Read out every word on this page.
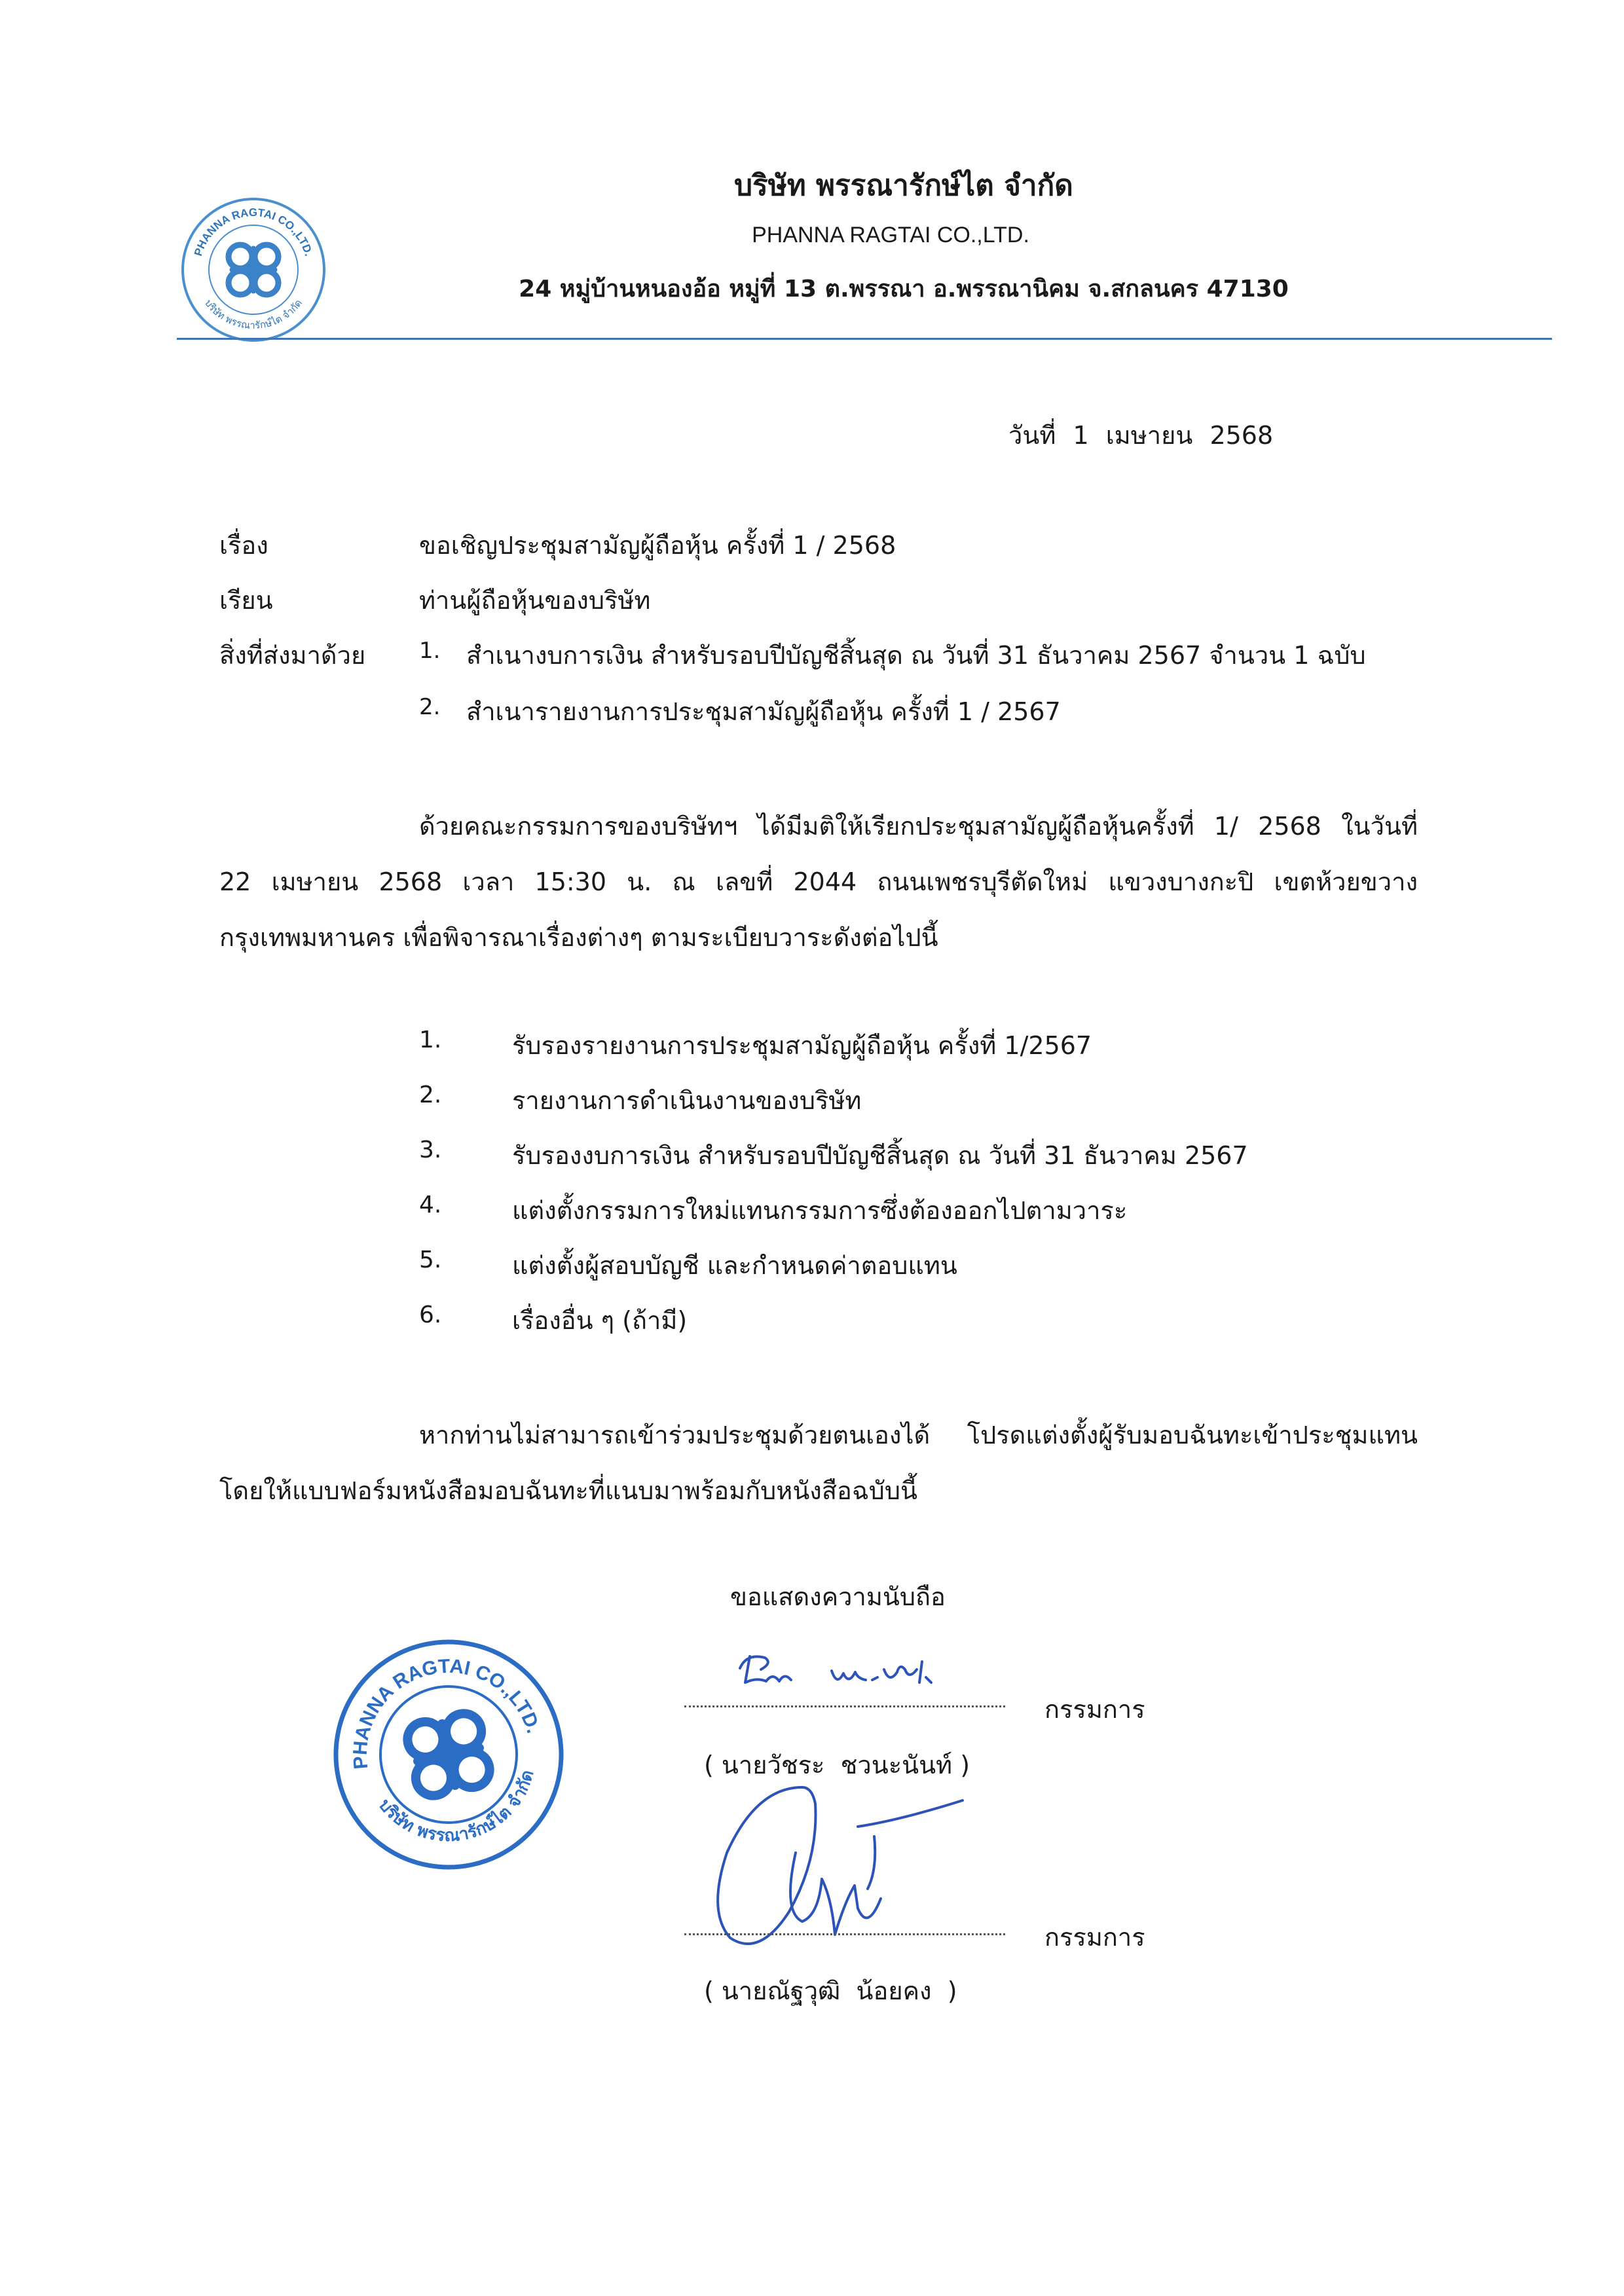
PHANNA RAGTAI CO.,LTD.
บริษัท พรรณารักษ์ไต จำกัด
บริษัท พรรณารักษ์ไต จำกัด
PHANNA RAGTAI CO.,LTD.
24 หมู่บ้านหนองอ้อ หมู่ที่ 13 ต.พรรณา อ.พรรณานิคม จ.สกลนคร 47130
วันที่ 1 เมษายน 2568
เรื่อง	ขอเชิญประชุมสามัญผู้ถือหุ้น ครั้งที่ 1 / 2568
เรียน	ท่านผู้ถือหุ้นของบริษัท
สิ่งที่ส่งมาด้วย 1. สำเนางบการเงิน สำหรับรอบปีบัญชีสิ้นสุด ณ วันที่ 31 ธันวาคม 2567 จำนวน 1 ฉบับ
2. สำเนารายงานการประชุมสามัญผู้ถือหุ้น ครั้งที่ 1 / 2567
ด้วยคณะกรรมการของบริษัทฯ ได้มีมติให้เรียกประชุมสามัญผู้ถือหุ้นครั้งที่ 1/ 2568 ในวันที่
22 เมษายน 2568 เวลา 15:30 น. ณ เลขที่ 2044 ถนนเพชรบุรีตัดใหม่ แขวงบางกะปิ เขตห้วยขวาง
กรุงเทพมหานคร เพื่อพิจารณาเรื่องต่างๆ ตามระเบียบวาระดังต่อไปนี้
1.	รับรองรายงานการประชุมสามัญผู้ถือหุ้น ครั้งที่ 1/2567
2.	รายงานการดำเนินงานของบริษัท
3.	รับรองงบการเงิน สำหรับรอบปีบัญชีสิ้นสุด ณ วันที่ 31 ธันวาคม 2567
4.	แต่งตั้งกรรมการใหม่แทนกรรมการซึ่งต้องออกไปตามวาระ
5.	แต่งตั้งผู้สอบบัญชี และกำหนดค่าตอบแทน
6.	เรื่องอื่น ๆ (ถ้ามี)
หากท่านไม่สามารถเข้าร่วมประชุมด้วยตนเองได้ โปรดแต่งตั้งผู้รับมอบฉันทะเข้าประชุมแทน
โดยให้แบบฟอร์มหนังสือมอบฉันทะที่แนบมาพร้อมกับหนังสือฉบับนี้
ขอแสดงความนับถือ
PHANNA RAGTAI CO.,LTD.
บริษัท พรรณารักษ์ไต จำกัด
กรรมการ
( นายวัชระ  ชวนะนันท์ )
กรรมการ
( นายณัฐวุฒิ  น้อยคง  )
